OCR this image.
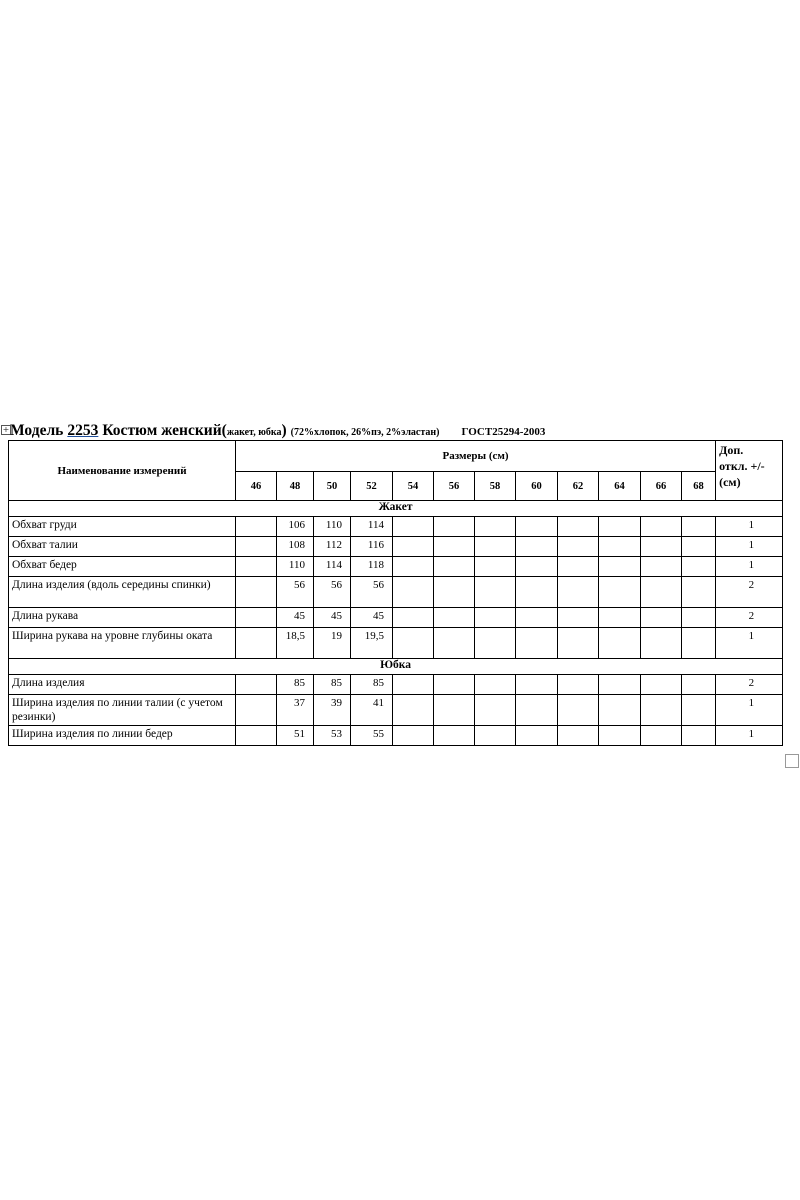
+ Модель 2253 Костюм женский(жакет, юбка) (72%хлопок, 26%пэ, 2%эластан) ГОСТ25294-2003
Наименование измерений	Размеры (см)												Доп.
откл. +/-
(см)

	46	48	50	52	54	56	58	60	62	64	66	68	
Жакет													
Обхват груди		106	110	114									1
Обхват талии		108	112	116									1
Обхват бедер		110	114	118									1
Длина изделия (вдоль середины спинки)		56	56	56									2
Длина рукава		45	45	45									2
Ширина рукава на уровне глубины оката		18,5	19	19,5									1
Юбка													
Длина изделия		85	85	85									2
Ширина изделия по линии талии (с учетом резинки)		37	39	41									1
Ширина изделия по линии бедер		51	53	55									1
